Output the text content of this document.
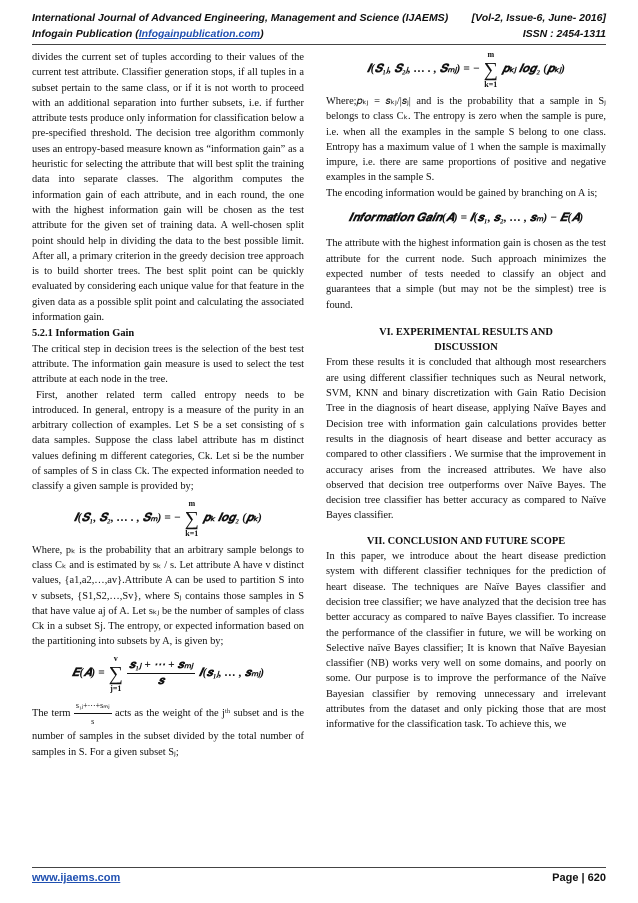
International Journal of Advanced Engineering, Management and Science (IJAEMS) [Vol-2, Issue-6, June- 2016]
Infogain Publication (Infogainpublication.com)	ISSN : 2454-1311

divides the current set of tuples according to their values of the current test attribute. Classifier generation stops, if all tuples in a subset pertain to the same class, or if it is not worth to proceed with an additional separation into further subsets, i.e. if further attribute tests produce only information for classification below a pre-specified threshold. The decision tree algorithm commonly uses an entropy-based measure known as “information gain” as a heuristic for selecting the attribute that will best split the training data into separate classes. The algorithm computes the information gain of each attribute, and in each round, the one with the highest information gain will be chosen as the test attribute for the given set of training data. A well-chosen split point should help in dividing the data to the best possible limit. After all, a primary criterion in the greedy decision tree approach is to build shorter trees. The best split point can be quickly evaluated by considering each unique value for that feature in the given data as a possible split point and calculating the associated information gain.

5.2.1 Information Gain

The critical step in decision trees is the selection of the best test attribute. The information gain measure is used to select the test attribute at each node in the tree.

First, another related term called entropy needs to be introduced. In general, entropy is a measure of the purity in an arbitrary collection of examples. Let S be a set consisting of s data samples. Suppose the class label attribute has m distinct values defining m different categories, Ck. Let si be the number of samples of S in class Ck. The expected information needed to classify a given sample is provided by;

𝑰(𝑺₁, 𝑺₂, … . , 𝑺ₘ) = −
m
∑
k=1
𝒑ₖ 𝒍𝒐𝒈₂ (𝒑ₖ)

Where, pₖ is the probability that an arbitrary sample belongs to class Cₖ and is estimated by sₖ / s. Let attribute A have v distinct values, {a1,a2,…,av}.Attribute A can be used to partition S into v subsets, {S1,S2,…,Sv}, where Sⱼ contains those samples in S that have value aj of A. Let sₖⱼ be the number of samples of class Ck in a subset Sj. The entropy, or expected information based on the partitioning into subsets by A, is given by;

𝑬(𝑨) =
v
∑
$j=1 \frac{\text{𝒔₁ⱼ + ⋯ + 𝒔ₘⱼ}}{\text{𝒔}}$ 𝑰(𝒔₁ⱼ, … , 𝒔ₘⱼ)

The term $\frac{\text{s₁ⱼ+⋯+sₘⱼ}}{s}$ acts as the weight of the jᵗʰ subset and is the number of samples in the subset divided by the total number of samples in S. For a given subset Sⱼ;

𝑰(𝑺₁ⱼ, 𝑺₂ⱼ, … . , 𝑺ₘⱼ) = −
m
∑
k=1
𝒑ₖⱼ 𝒍𝒐𝒈₂ (𝒑ₖⱼ)

Where;𝑝ₖⱼ = 𝑠ₖⱼ/|𝑠ⱼ| and is the probability that a sample in Sⱼ belongs to class Cₖ. The entropy is zero when the sample is pure, i.e. when all the examples in the sample S belong to one class. Entropy has a maximum value of 1 when the sample is maximally impure, i.e. there are same proportions of positive and negative examples in the sample S.

The encoding information would be gained by branching on A is;

𝑰𝒏𝒇𝒐𝒓𝒎𝒂𝒕𝒊𝒐𝒏 𝑮𝒂𝒊𝒏(𝑨) = 𝑰(𝒔₁, 𝒔₂, … , 𝒔ₘ) − 𝑬(𝑨)

The attribute with the highest information gain is chosen as the test attribute for the current node. Such approach minimizes the expected number of tests needed to classify an object and guarantees that a simple (but may not be the simplest) tree is found.

VI. EXPERIMENTAL RESULTS AND

DISCUSSION

From these results it is concluded that although most researchers are using different classifier techniques such as Neural network, SVM, KNN and binary discretization with Gain Ratio Decision Tree in the diagnosis of heart disease, applying Naïve Bayes and Decision tree with information gain calculations provides better results in the diagnosis of heart disease and better accuracy as compared to other classifiers . We surmise that the improvement in accuracy arises from the increased attributes. We have also observed that decision tree outperforms over Naïve Bayes. The decision tree classifier has better accuracy as compared to Naïve Bayes classifier.

VII. CONCLUSION AND FUTURE SCOPE

In this paper, we introduce about the heart disease prediction system with different classifier techniques for the prediction of heart disease. The techniques are Naïve Bayes classifier and decision tree classifier; we have analyzed that the decision tree has better accuracy as compared to naïve Bayes classifier. To increase the performance of the classifier in future, we will be working on Selective naïve Bayes classifier; It is known that Naïve Bayesian classifier (NB) works very well on some domains, and poorly on some. Our purpose is to improve the performance of the Naïve Bayesian classifier by removing unnecessary and irrelevant attributes from the dataset and only picking those that are most informative for the classification task. To achieve this, we

www.ijaems.com	Page | 620
